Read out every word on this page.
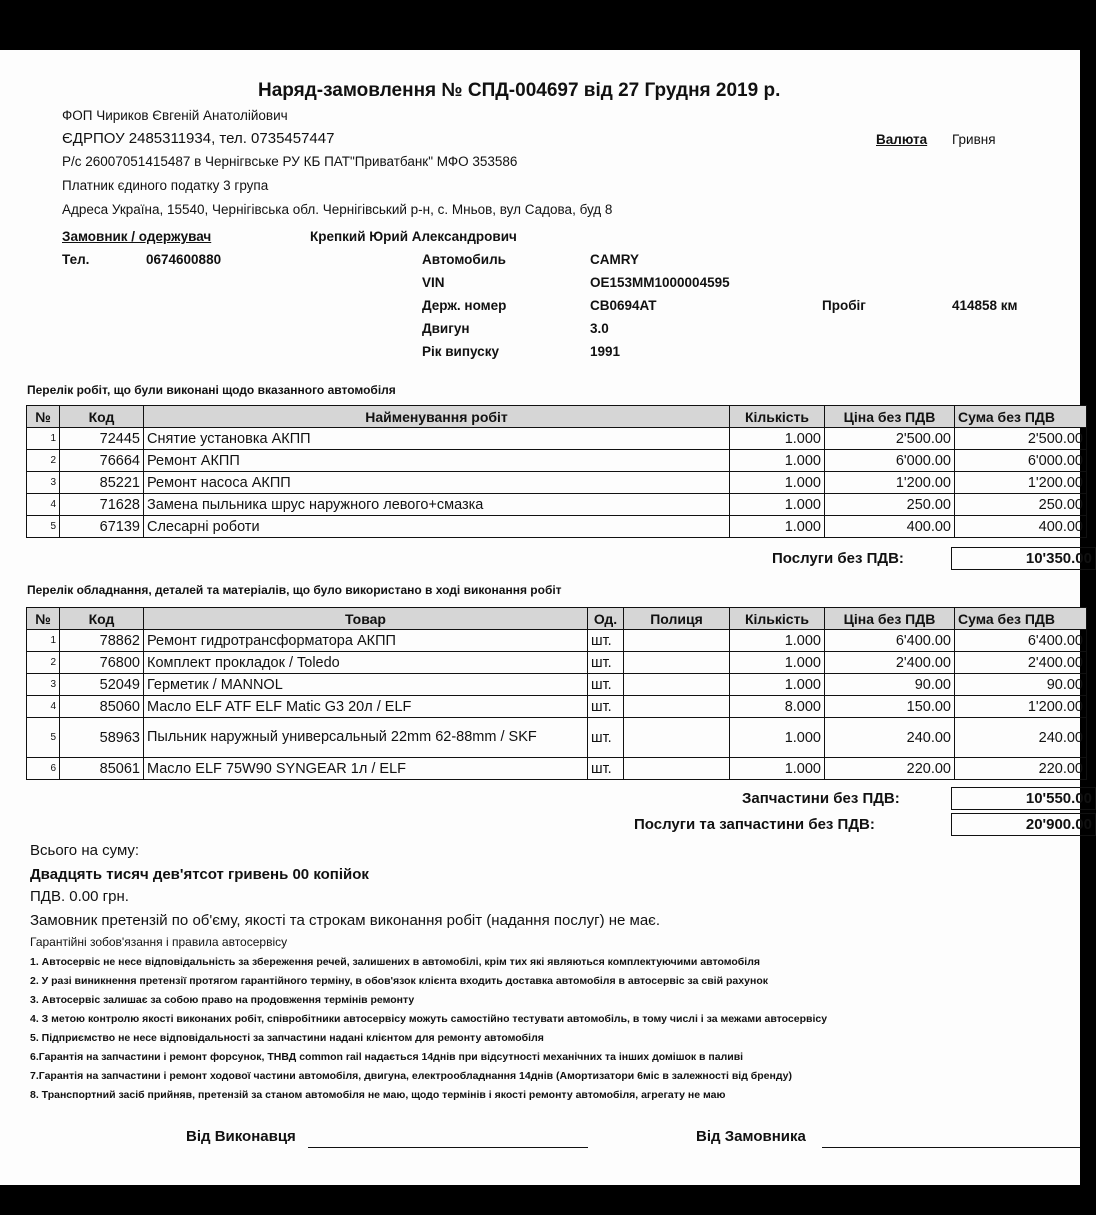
Наряд-замовлення № СПД-004697 від 27 Грудня 2019 р.
ФОП Чириков Євгеній Анатолійович
ЄДРПОУ 2485311934, тел. 0735457447
Р/с 26007051415487 в Чернігвське РУ КБ ПАТ"Приватбанк" МФО 353586
Платник єдиного податку 3 група
Адреса Україна, 15540, Чернігівська обл. Чернігівський р-н, с. Мньов, вул Садова, буд 8
Валюта Гривня
Замовник / одержувач	Крепкий Юрий Александрович
Тел.	0674600880	Автомобиль	CAMRY
VIN	OE153MM1000004595
Держ. номер	CB0694AT
Двигун	3.0
Рік випуску	1991
Пробіг	414858 км
Перелік робіт, що були виконані щодо вказанного автомобіля
№	Код	Найменування робіт	Кількість	Ціна без ПДВ	Сума без ПДВ
1	72445	Снятие установка АКПП	1.000	2'500.00	2'500.00
2	76664	Ремонт АКПП	1.000	6'000.00	6'000.00
3	85221	Ремонт насоса АКПП	1.000	1'200.00	1'200.00
4	71628	Замена пыльника шрус наружного левого+смазка	1.000	250.00	250.00
5	67139	Слесарні роботи	1.000	400.00	400.00
Послуги без ПДВ:	10'350.00
Перелік обладнання, деталей та матеріалів, що було використано в ході виконання робіт
№	Код	Товар	Од.	Полиця	Кількість	Ціна без ПДВ	Сума без ПДВ
1	78862	Ремонт гидротрансформатора АКПП	шт.		1.000	6'400.00	6'400.00
2	76800	Комплект прокладок / Toledo	шт.		1.000	2'400.00	2'400.00
3	52049	Герметик / MANNOL	шт.		1.000	90.00	90.00
4	85060	Масло ELF ATF ELF Matic G3 20л / ELF	шт.		8.000	150.00	1'200.00
5	58963	Пыльник наружный универсальный 22mm 62-88mm / SKF	шт.		1.000	240.00	240.00
6	85061	Масло ELF 75W90 SYNGEAR 1л / ELF	шт.		1.000	220.00	220.00
Запчастини без ПДВ:	10'550.00
Послуги та запчастини без ПДВ:	20'900.00
Всього на суму:
Двадцять тисяч дев'ятсот гривень 00 копійок
ПДВ. 0.00 грн.
Замовник претензій по об'єму, якості та строкам виконання робіт (надання послуг) не має.
Гарантійні зобов'язання і правила автосервісу
1. Автосервіс не несе відповідальність за збереження речей, залишених в автомобілі, крім тих які являються комплектуючими автомобіля
2. У разі виникнення претензії протягом гарантійного терміну, в обов'язок клієнта входить доставка автомобіля в автосервіс за свій рахунок
3. Автосервіс залишає за собою право на продовження термінів ремонту
4. З метою контролю якості виконаних робіт, співробітники автосервісу можуть самостійно тестувати автомобіль, в тому числі і за межами автосервісу
5. Підприємство не несе відповідальності за запчастини надані клієнтом для ремонту автомобіля
6.Гарантія на запчастини і ремонт форсунок, ТНВД common rail надається 14днів при відсутності механічних та інших домішок в паливі
7.Гарантія на запчастини і ремонт ходової частини автомобіля, двигуна, електрообладнання 14днів (Амортизатори 6міс в залежності від бренду)
8. Транспортний засіб прийняв, претензій за станом автомобіля не маю, щодо термінів і якості ремонту автомобіля, агрегату не маю
Від Виконавця	Від Замовника
